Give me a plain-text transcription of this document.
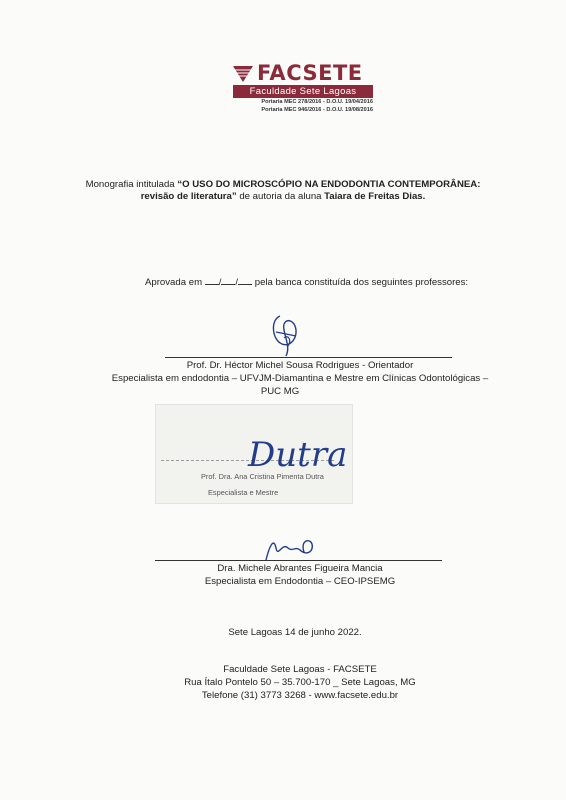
FACSETE
Faculdade Sete Lagoas
Portaria MEC 278/2016 - D.O.U. 19/04/2016
Portaria MEC 946/2016 - D.O.U. 19/08/2016
Monografia intitulada “O USO DO MICROSCÓPIO NA ENDODONTIA CONTEMPORÂNEA:
revisão de literatura” de autoria da aluna Taiara de Freitas Dias.
Aprovada em / / pela banca constituída dos seguintes professores:
Prof. Dr. Héctor Michel Sousa Rodrigues - Orientador
Especialista em endodontia – UFVJM-Diamantina e Mestre em Clínicas Odontológicas –
PUC MG
Prof. Dra. Ana Cristina Pimenta Dutra
Especialista e Mestre
Dutra
Dra. Michele Abrantes Figueira Mancia
Especialista em Endodontia – CEO-IPSEMG
Sete Lagoas 14 de junho 2022.
Faculdade Sete Lagoas - FACSETE
Rua Ítalo Pontelo 50 – 35.700-170 _ Sete Lagoas, MG
Telefone (31) 3773 3268 - www.facsete.edu.br
